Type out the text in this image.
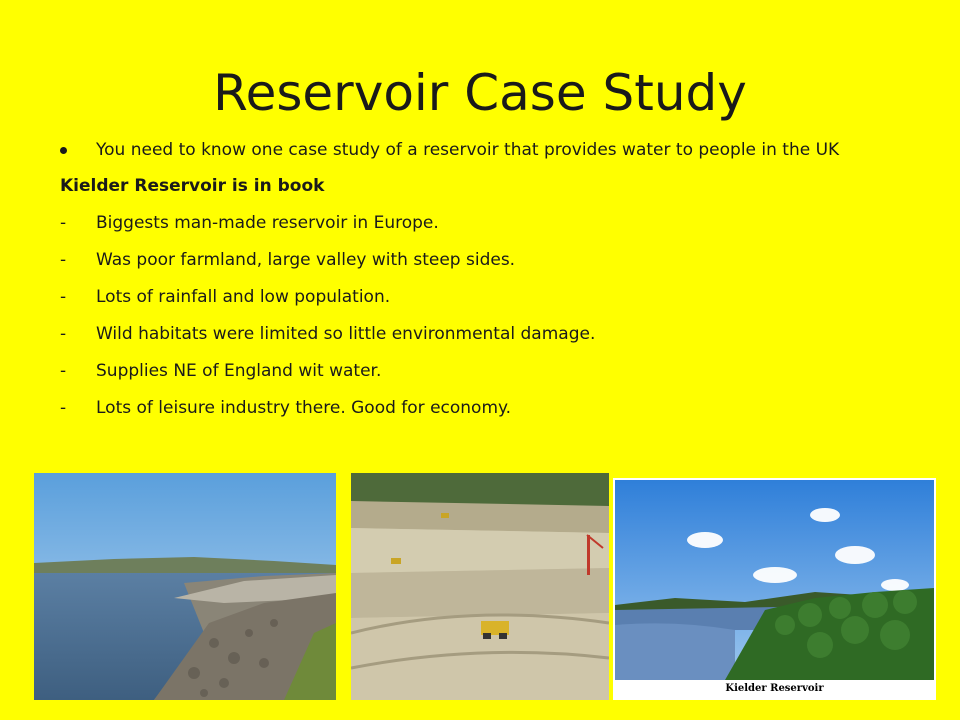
Reservoir Case Study
You need to know one case study of a reservoir that provides water to people in the UK
Kielder Reservoir is in book
- Biggests man-made reservoir in Europe.
- Was poor farmland, large valley with steep sides.
- Lots of rainfall and low population.
- Wild habitats were limited so little environmental damage.
- Supplies NE of England wit water.
- Lots of leisure industry there. Good for economy.
Kielder Reservoir
